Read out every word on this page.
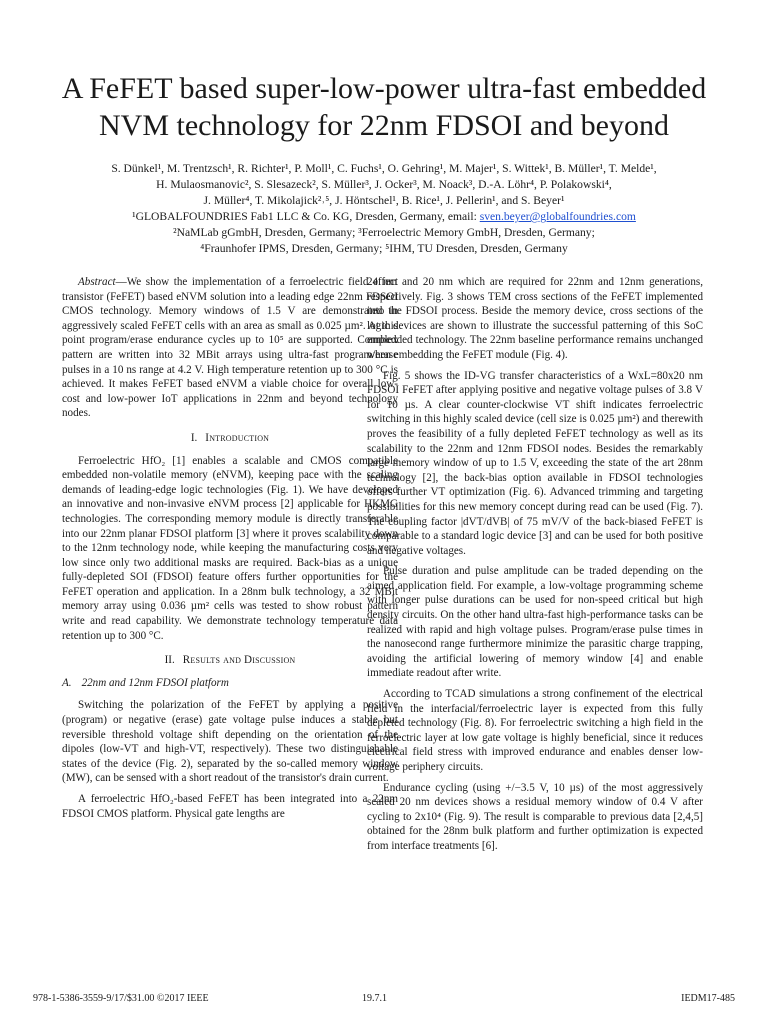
A FeFET based super-low-power ultra-fast embedded
NVM technology for 22nm FDSOI and beyond
S. Dünkel¹, M. Trentzsch¹, R. Richter¹, P. Moll¹, C. Fuchs¹, O. Gehring¹, M. Majer¹, S. Wittek¹, B. Müller¹, T. Melde¹,
H. Mulaosmanovic², S. Slesazeck², S. Müller³, J. Ocker³, M. Noack³, D.-A. Löhr⁴, P. Polakowski⁴,
J. Müller⁴, T. Mikolajick²˒⁵, J. Höntschel¹, B. Rice¹, J. Pellerin¹, and S. Beyer¹
¹GLOBALFOUNDRIES Fab1 LLC & Co. KG, Dresden, Germany, email: sven.beyer@globalfoundries.com
²NaMLab gGmbH, Dresden, Germany; ³Ferroelectric Memory GmbH, Dresden, Germany;
⁴Fraunhofer IPMS, Dresden, Germany; ⁵IHM, TU Dresden, Dresden, Germany

Abstract—We show the implementation of a ferroelectric field effect transistor (FeFET) based eNVM solution into a leading edge 22nm FDSOI CMOS technology. Memory windows of 1.5 V are demonstrated in aggressively scaled FeFET cells with an area as small as 0.025 µm². At this point program/erase endurance cycles up to 10⁵ are supported. Complex pattern are written into 32 MBit arrays using ultra-fast program/erase pulses in a 10 ns range at 4.2 V. High temperature retention up to 300 °C is achieved. It makes FeFET based eNVM a viable choice for overall low-cost and low-power IoT applications in 22nm and beyond technology nodes.

I. Introduction

Ferroelectric HfO₂ [1] enables a scalable and CMOS compatible embedded non-volatile memory (eNVM), keeping pace with the scaling demands of leading-edge logic technologies (Fig. 1). We have developed an innovative and non-invasive eNVM process [2] applicable for HKMG technologies. The corresponding memory module is directly transferable into our 22nm planar FDSOI platform [3] where it proves scalability down to the 12nm technology node, while keeping the manufacturing costs very low since only two additional masks are required. Back-bias as a unique fully-depleted SOI (FDSOI) feature offers further opportunities for the FeFET operation and application. In a 28nm bulk technology, a 32 MBit memory array using 0.036 µm² cells was tested to show robust pattern write and read capability. We demonstrate technology temperature data retention up to 300 °C.

II. Results and Discussion
A. 22nm and 12nm FDSOI platform

Switching the polarization of the FeFET by applying a positive (program) or negative (erase) gate voltage pulse induces a stable but reversible threshold voltage shift depending on the orientation of the dipoles (low-VT and high-VT, respectively). These two distinguishable states of the device (Fig. 2), separated by the so-called memory window (MW), can be sensed with a short readout of the transistor's drain current.

A ferroelectric HfO₂-based FeFET has been integrated into a 22nm FDSOI CMOS platform. Physical gate lengths are

24 nm and 20 nm which are required for 22nm and 12nm generations, respectively. Fig. 3 shows TEM cross sections of the FeFET implemented into the FDSOI process. Beside the memory device, cross sections of the logic devices are shown to illustrate the successful patterning of this SoC embedded technology. The 22nm baseline performance remains unchanged when embedding the FeFET module (Fig. 4).

Fig. 5 shows the ID-VG transfer characteristics of a WxL=80x20 nm FDSOI FeFET after applying positive and negative voltage pulses of 3.8 V for 10 µs. A clear counter-clockwise VT shift indicates ferroelectric switching in this highly scaled device (cell size is 0.025 µm²) and therewith proves the feasibility of a fully depleted FeFET technology as well as its scalability to the 22nm and 12nm FDSOI nodes. Besides the remarkably large memory window of up to 1.5 V, exceeding the state of the art 28nm technology [2], the back-bias option available in FDSOI technologies offers further VT optimization (Fig. 6). Advanced trimming and targeting possibilities for this new memory concept during read can be used (Fig. 7). The coupling factor |dVT/dVB| of 75 mV/V of the back-biased FeFET is comparable to a standard logic device [3] and can be used for both positive and negative voltages.

Pulse duration and pulse amplitude can be traded depending on the aimed application field. For example, a low-voltage programming scheme with longer pulse durations can be used for non-speed critical but high density circuits. On the other hand ultra-fast high-performance tasks can be realized with rapid and high voltage pulses. Program/erase pulse times in the nanosecond range furthermore minimize the parasitic charge trapping, avoiding the artificial lowering of memory window [4] and enable immediate readout after write.

According to TCAD simulations a strong confinement of the electrical field in the interfacial/ferroelectric layer is expected from this fully depleted technology (Fig. 8). For ferroelectric switching a high field in the ferroelectric layer at low gate voltage is highly beneficial, since it reduces electrical field stress with improved endurance and enables denser low-voltage periphery circuits.

Endurance cycling (using +/−3.5 V, 10 µs) of the most aggressively scaled 20 nm devices shows a residual memory window of 0.4 V after cycling to 2x10⁴ (Fig. 9). The result is comparable to previous data [2,4,5] obtained for the 28nm bulk platform and further optimization is expected from interface treatments [6].

978-1-5386-3559-9/17/$31.00 ©2017 IEEE	19.7.1	IEDM17-485
